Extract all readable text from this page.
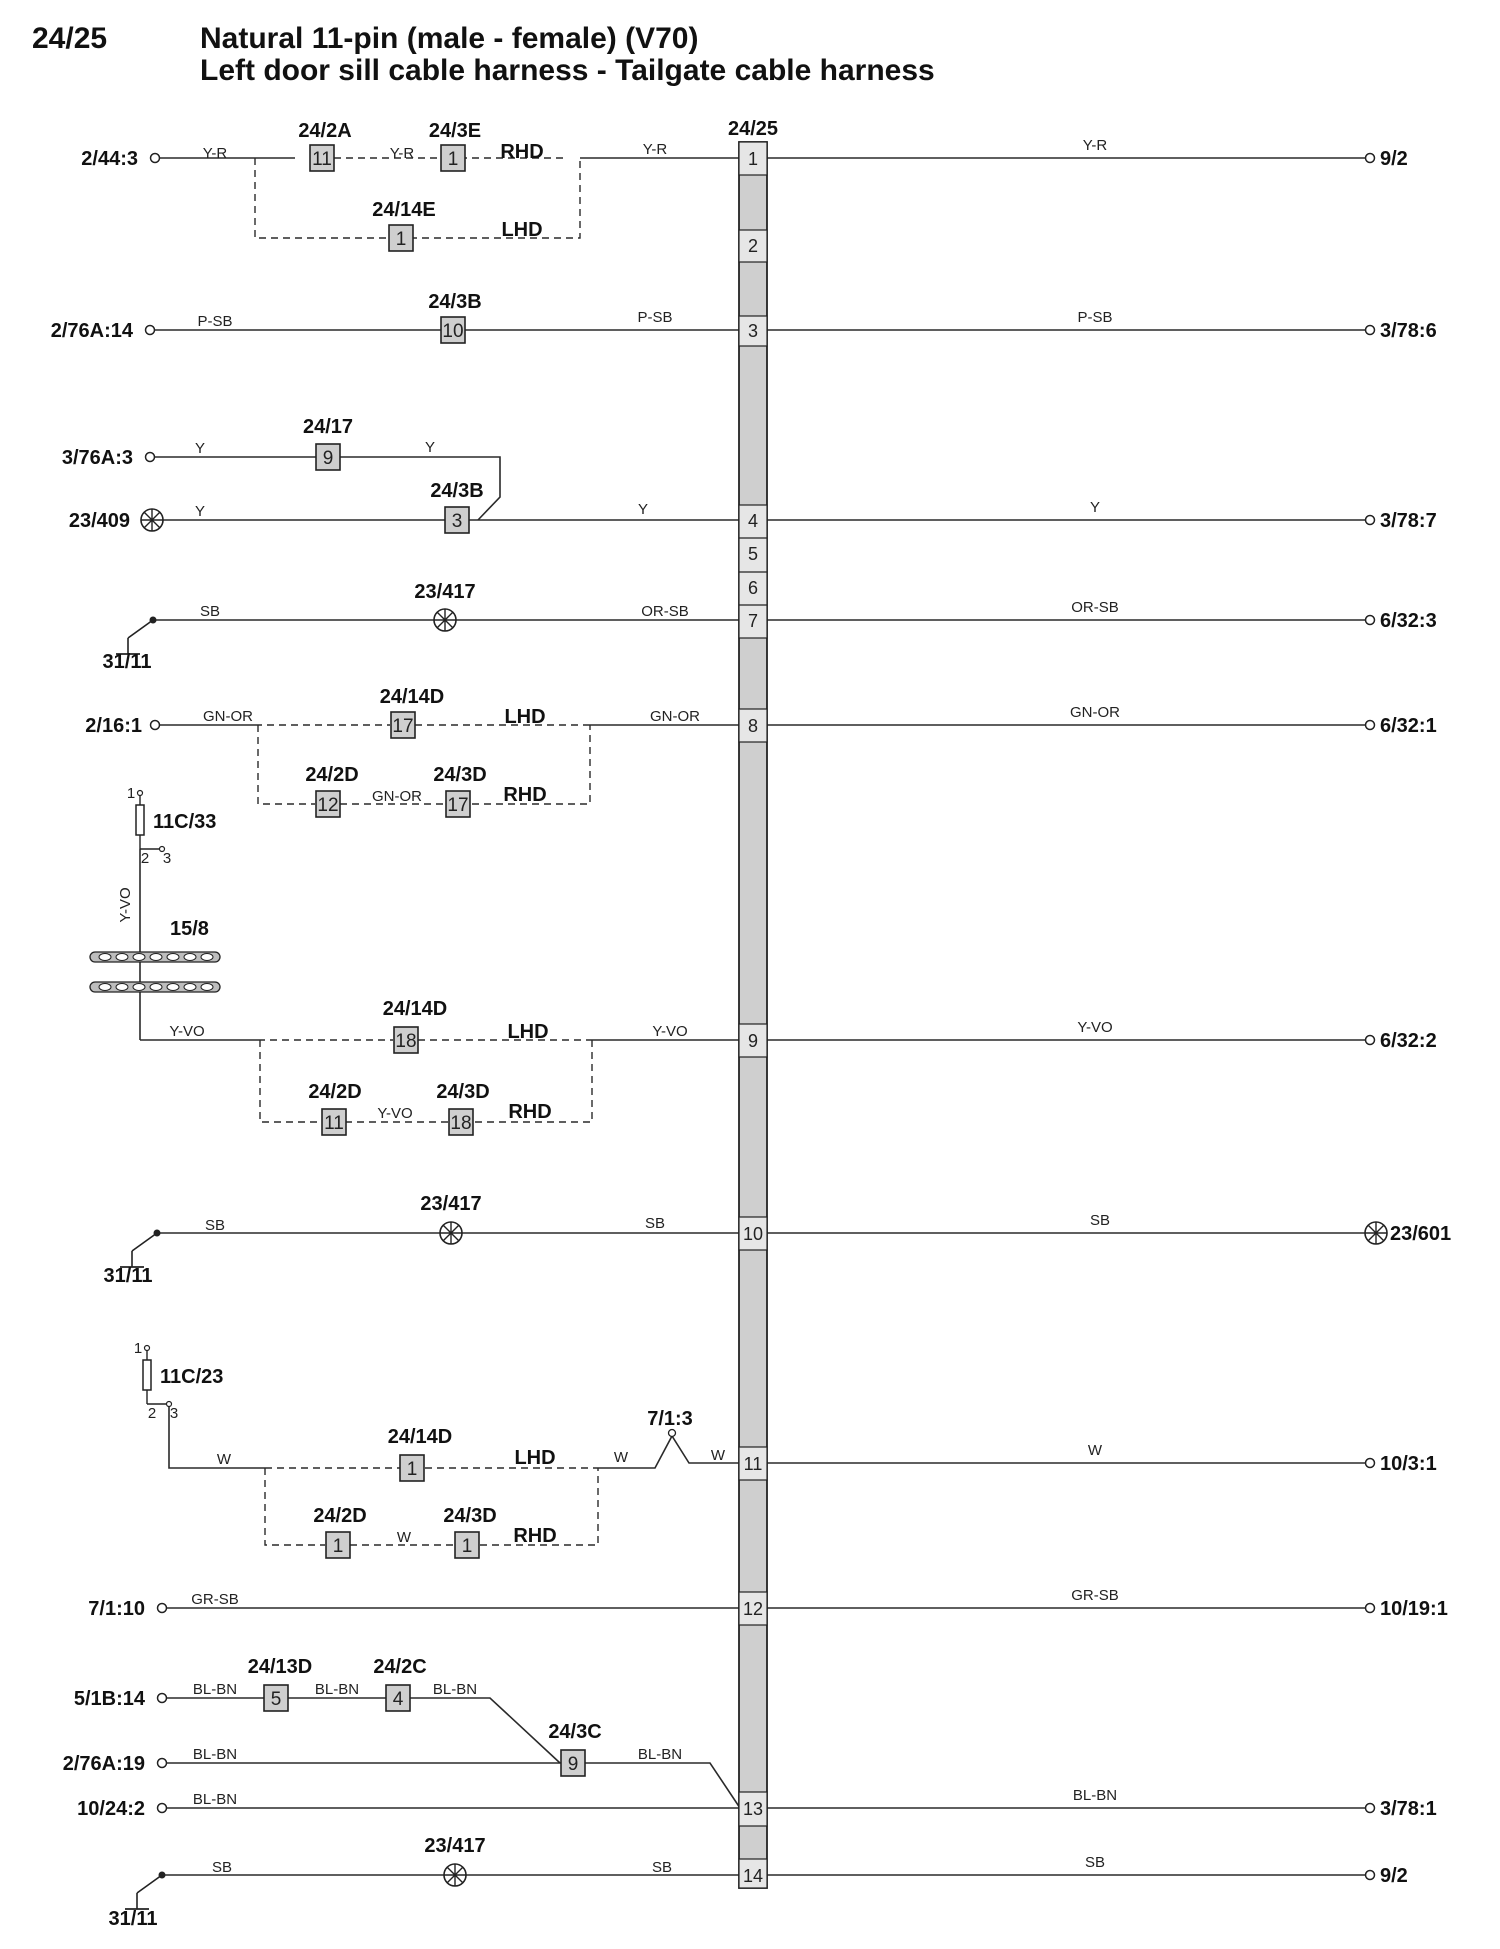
24/25	Natural 11-pin (male - female) (V70)
Left door sill cable harness - Tailgate cable harness
24/25
1
2
3
4
5
6
7
8
9
10
11
12
13
14
2/44:3	11	1
1
24/2A	24/3E
24/14E
RHD
LHD
Y-R	Y-R	Y-R	9/2
Y-R
2/76A:14	10
24/3B
P-SB	P-SB
3/78:6
P-SB
3/76A:3	9
24/17
Y	Y
23/409	3
24/3B
Y	Y
3/78:7
Y
31/11
23/417
SB	OR-SB	6/32:3
OR-SB
2/16:1	17
12	17
24/14D
24/2D	24/3D
LHD
RHD
GN-OR
GN-OR
GN-OR	6/32:1
GN-OR
1
2 3
11C/33
Y-VO
15/8
18
11	18
24/14D
24/2D	24/3D
LHD
RHD
Y-VO
Y-VO
Y-VO	6/32:2
Y-VO
31/11
23/417
SB	SB	23/601
SB
1
2 3
11C/23
1
1	1
24/14D
7/1:3
24/2D	24/3D
LHD
RHD
W
W
W	W	10/3:1
W
7/1:10	GR-SB	10/19:1
GR-SB
5/1B:14	5	4
24/13D	24/2C
BL-BN	BL-BN	BL-BN
2/76A:19	9
24/3C
BL-BN	BL-BN
10/24:2	BL-BN	3/78:1
BL-BN
31/11
23/417
SB	SB	9/2
SB
